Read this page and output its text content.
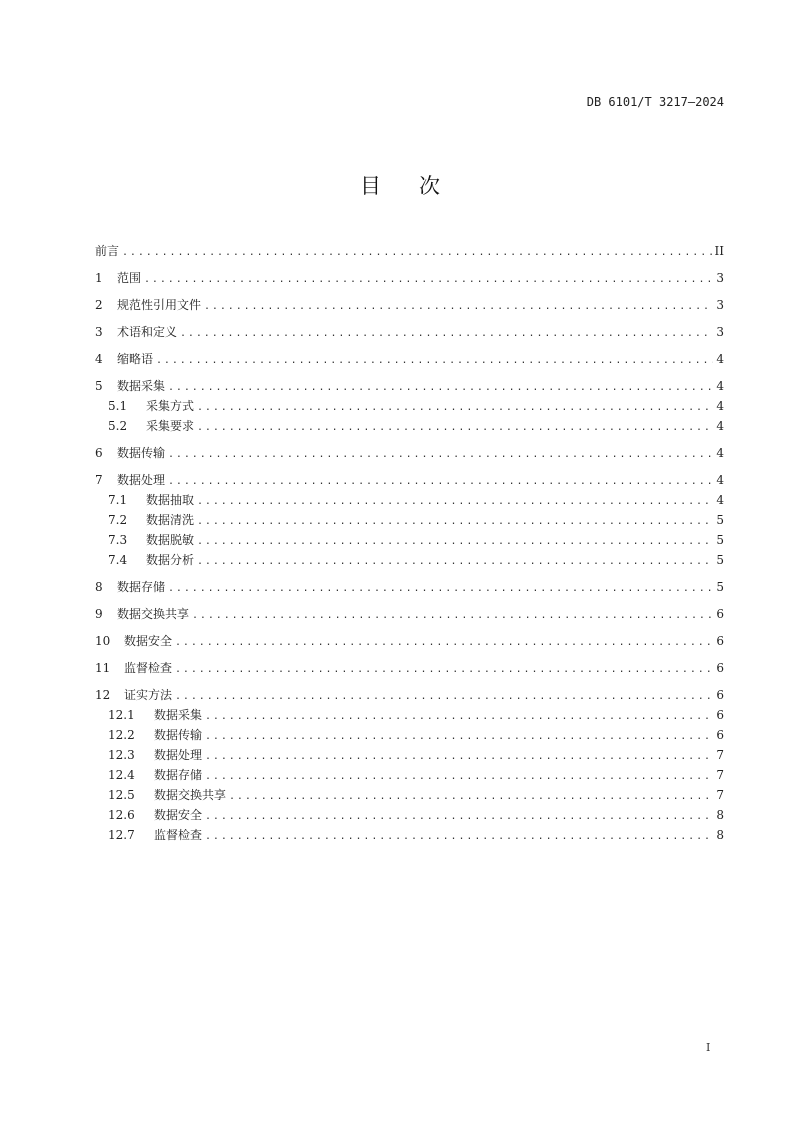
DB 6101/T 3217—2024
目次
前言 .....	II
1	范围 .....	3
2	规范性引用文件 .....	3
3	术语和定义 .....	3
4	缩略语 .....	4
5	数据采集 .....	4
5.1	采集方式 .....	4
5.2	采集要求 .....	4
6	数据传输 .....	4
7	数据处理 .....	4
7.1	数据抽取 .....	4
7.2	数据清洗 .....	5
7.3	数据脱敏 .....	5
7.4	数据分析 .....	5
8	数据存储 .....	5
9	数据交换共享 .....	6
10	数据安全 .....	6
11	监督检查 .....	6
12	证实方法 .....	6
12.1	数据采集 .....	6
12.2	数据传输 .....	6
12.3	数据处理 .....	7
12.4	数据存储 .....	7
12.5	数据交换共享 .....	7
12.6	数据安全 .....	8
12.7	监督检查 .....	8
I
